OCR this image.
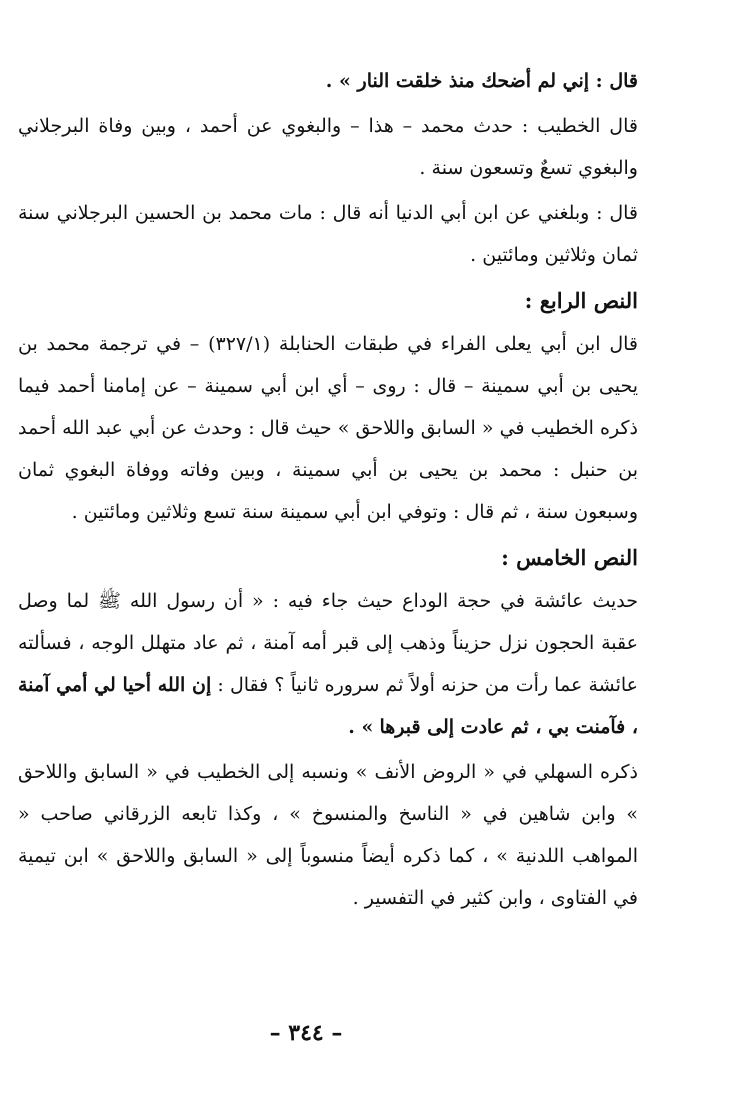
قال : إني لم أضحك منذ خلقت النار » .

قال الخطيب : حدث محمد – هذا – والبغوي عن أحمد ، وبين وفاة البرجلاني والبغوي تسعٌ وتسعون سنة .

قال : وبلغني عن ابن أبي الدنيا أنه قال : مات محمد بن الحسين البرجلاني سنة ثمان وثلاثين ومائتين .

النص الرابع :

قال ابن أبي يعلى الفراء في طبقات الحنابلة (٣٢٧/١) – في ترجمة محمد بن يحيى بن أبي سمينة – قال : روى – أي ابن أبي سمينة – عن إمامنا أحمد فيما ذكره الخطيب في « السابق واللاحق » حيث قال : وحدث عن أبي عبد الله أحمد بن حنبل : محمد بن يحيى بن أبي سمينة ، وبين وفاته ووفاة البغوي ثمان وسبعون سنة ، ثم قال : وتوفي ابن أبي سمينة سنة تسع وثلاثين ومائتين .

النص الخامس :

حديث عائشة في حجة الوداع حيث جاء فيه : « أن رسول الله ﷺ لما وصل عقبة الحجون نزل حزيناً وذهب إلى قبر أمه آمنة ، ثم عاد متهلل الوجه ، فسألته عائشة عما رأت من حزنه أولاً ثم سروره ثانياً ؟ فقال : إن الله أحيا لي أمي آمنة ، فآمنت بي ، ثم عادت إلى قبرها » .

ذكره السهلي في « الروض الأنف » ونسبه إلى الخطيب في « السابق واللاحق » وابن شاهين في « الناسخ والمنسوخ » ، وكذا تابعه الزرقاني صاحب « المواهب اللدنية » ، كما ذكره أيضاً منسوباً إلى « السابق واللاحق » ابن تيمية في الفتاوى ، وابن كثير في التفسير .

– ٣٤٤ –
